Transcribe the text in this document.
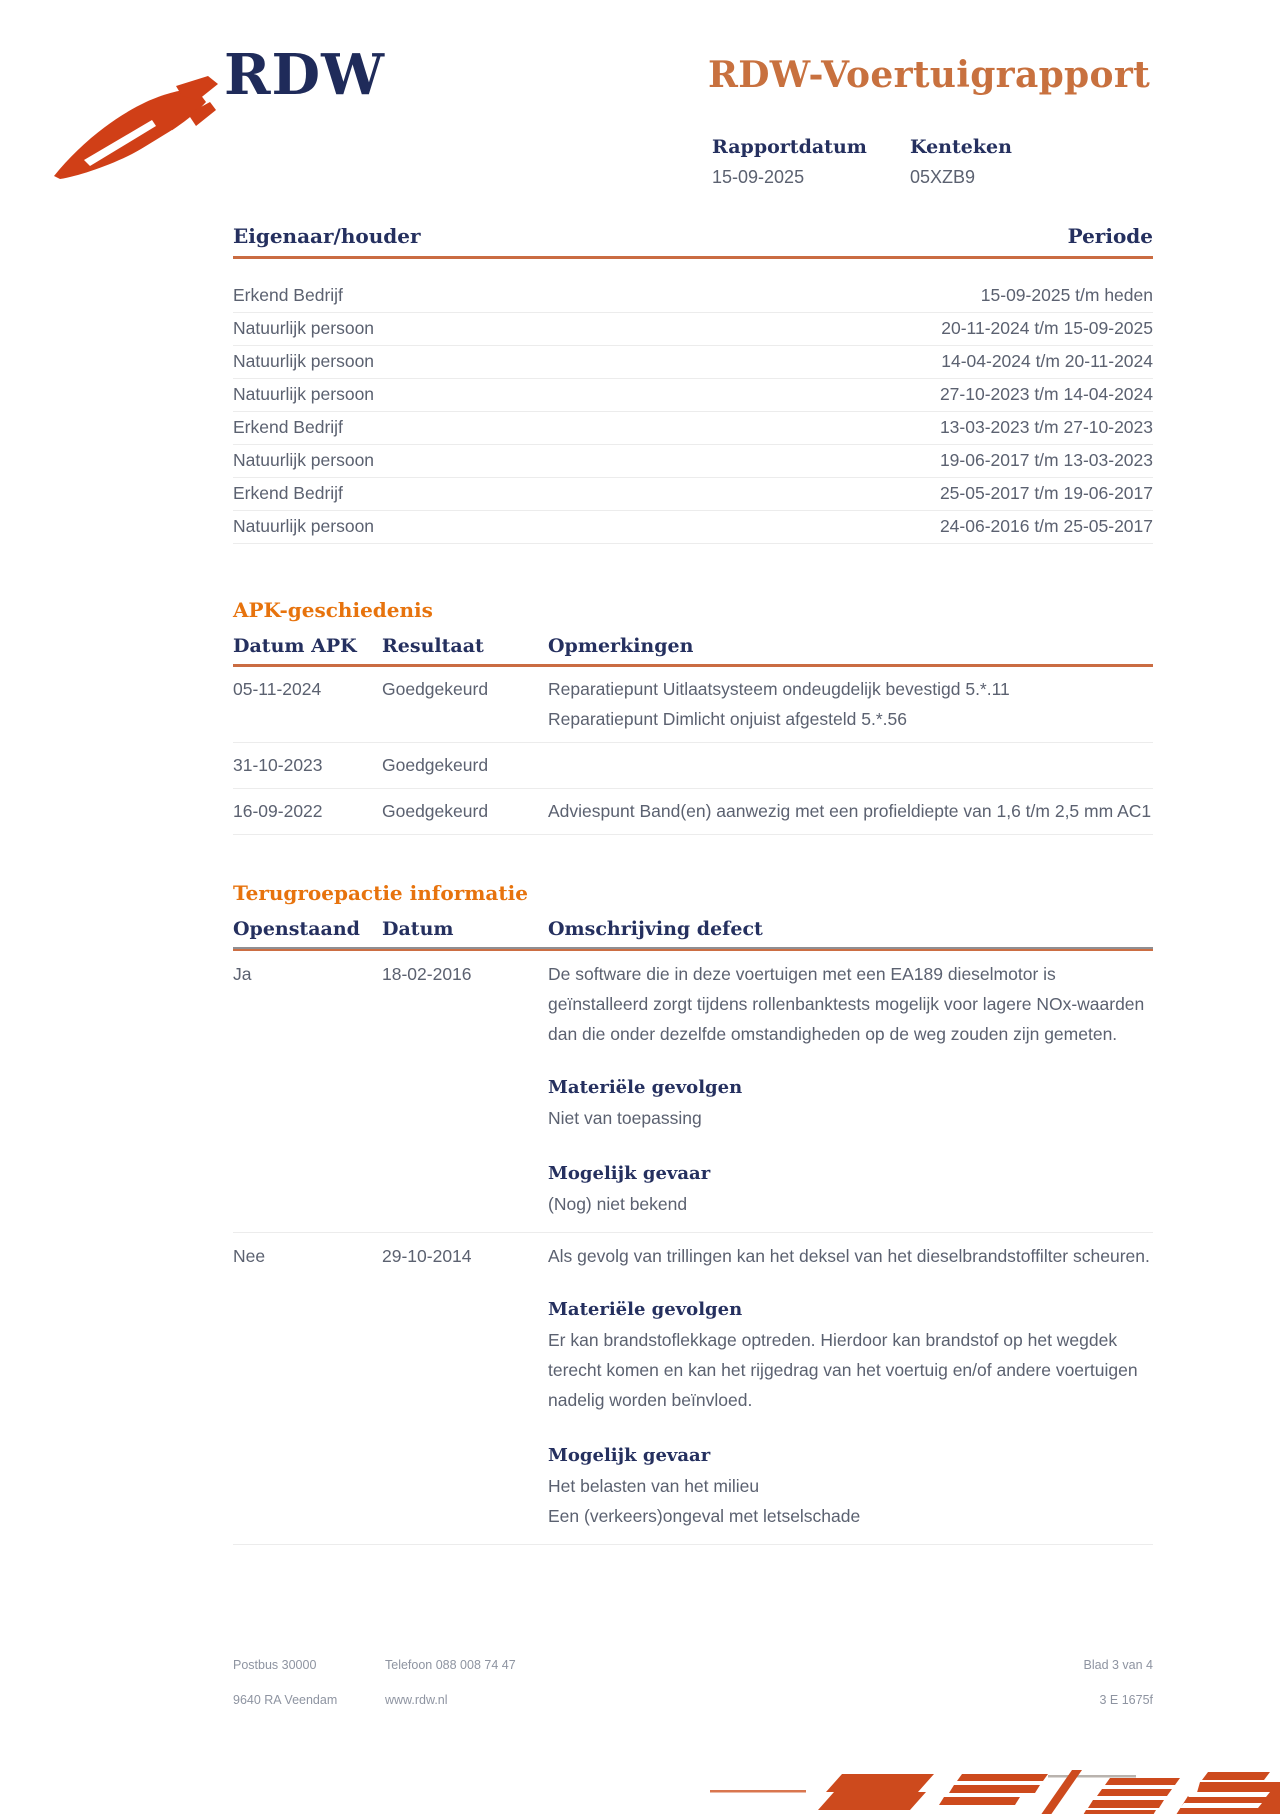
RDW	RDW-Voertuigrapport
Rapportdatum
15-09-2025
Kenteken
05XZB9
Eigenaar/houder	Periode
Erkend Bedrijf	15-09-2025 t/m heden
Natuurlijk persoon	20-11-2024 t/m 15-09-2025
Natuurlijk persoon	14-04-2024 t/m 20-11-2024
Natuurlijk persoon	27-10-2023 t/m 14-04-2024
Erkend Bedrijf	13-03-2023 t/m 27-10-2023
Natuurlijk persoon	19-06-2017 t/m 13-03-2023
Erkend Bedrijf	25-05-2017 t/m 19-06-2017
Natuurlijk persoon	24-06-2016 t/m 25-05-2017
APK-geschiedenis
Datum APK	Resultaat	Opmerkingen
05-11-2024	Goedgekeurd	Reparatiepunt Uitlaatsysteem ondeugdelijk bevestigd 5.*.11
Reparatiepunt Dimlicht onjuist afgesteld 5.*.56
31-10-2023	Goedgekeurd
16-09-2022	Goedgekeurd	Adviespunt Band(en) aanwezig met een profieldiepte van 1,6 t/m 2,5 mm AC1
Terugroepactie informatie
Openstaand	Datum	Omschrijving defect
Ja	18-02-2016	De software die in deze voertuigen met een EA189 dieselmotor is geïnstalleerd zorgt tijdens rollenbanktests mogelijk voor lagere NOx-waarden dan die onder dezelfde omstandigheden op de weg zouden zijn gemeten.
Materiële gevolgen
Niet van toepassing
Mogelijk gevaar
(Nog) niet bekend
Nee	29-10-2014	Als gevolg van trillingen kan het deksel van het dieselbrandstoffilter scheuren.
Materiële gevolgen
Er kan brandstoflekkage optreden. Hierdoor kan brandstof op het wegdek terecht komen en kan het rijgedrag van het voertuig en/of andere voertuigen nadelig worden beïnvloed.
Mogelijk gevaar
Het belasten van het milieu
Een (verkeers)ongeval met letselschade
Postbus 30000
9640 RA Veendam
Telefoon 088 008 74 47
www.rdw.nl
Blad 3 van 4
3 E 1675f
